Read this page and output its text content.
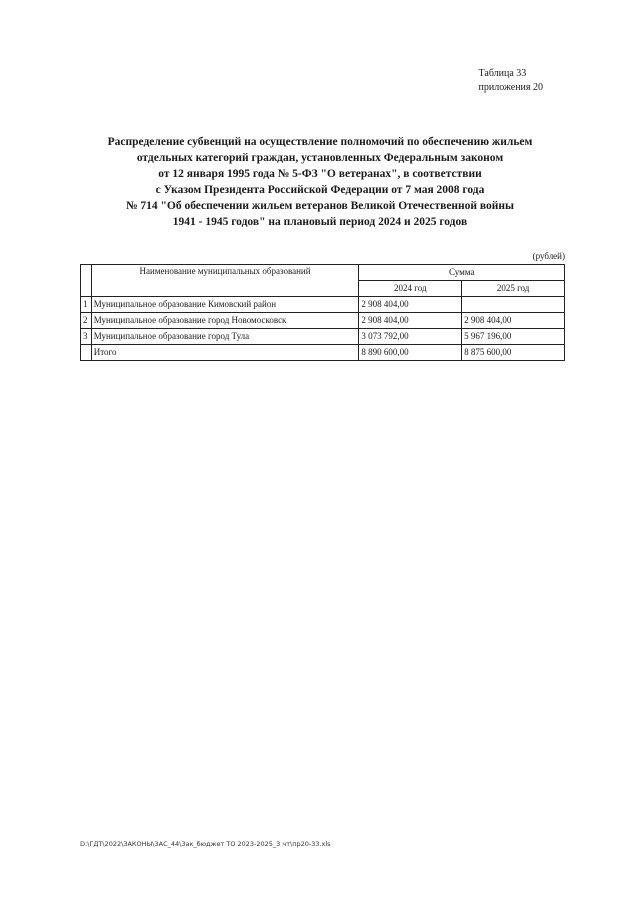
Таблица 33
приложения 20
Распределение субвенций на осуществление полномочий по обеспечению жильем
отдельных категорий граждан, установленных Федеральным законом
от 12 января 1995 года № 5-ФЗ "О ветеранах", в соответствии
с Указом Президента Российской Федерации от 7 мая 2008 года
№ 714 "Об обеспечении жильем ветеранов Великой Отечественной войны
1941 - 1945 годов" на плановый период 2024 и 2025 годов
(рублей)
	Наименование муниципальных образований	Сумма	
		2024 год	2025 год
1	Муниципальное образование Кимовский район	2 908 404,00	
2	Муниципальное образование город Новомосковск	2 908 404,00	2 908 404,00
3	Муниципальное образование город Тула	3 073 792,00	5 967 196,00
	Итого	8 890 600,00	8 875 600,00
D:\ГДТ\2022\ЗАКОНЫ\ЗАС_44\Зак_бюджет ТО 2023-2025_3 чт\пр20-33.xls
